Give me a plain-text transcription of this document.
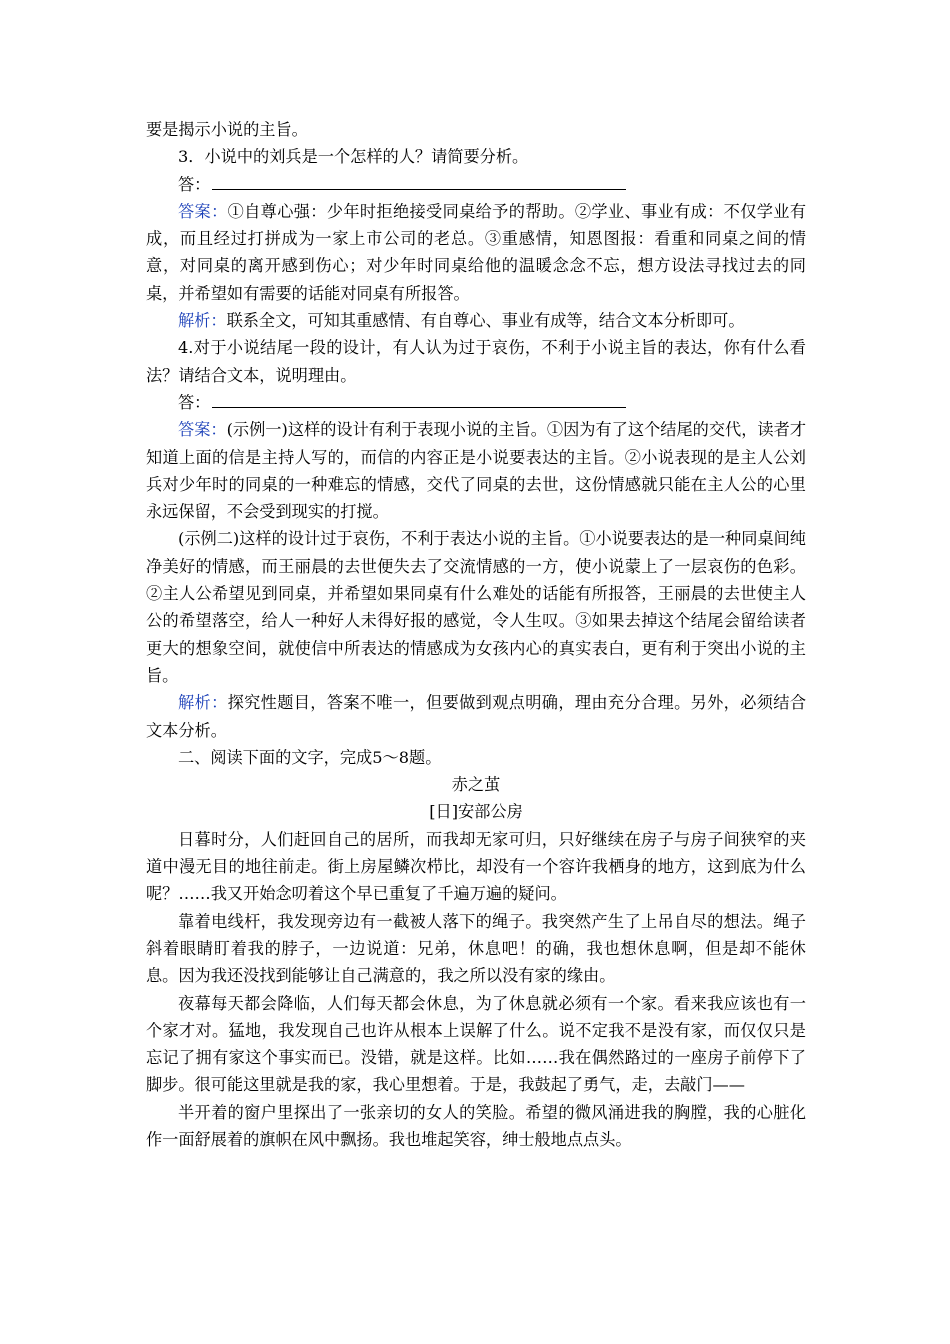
要是揭示小说的主旨。

3．小说中的刘兵是一个怎样的人？请简要分析。

答：

答案：①自尊心强：少年时拒绝接受同桌给予的帮助。②学业、事业有成：不仅学业有成，而且经过打拼成为一家上市公司的老总。③重感情，知恩图报：看重和同桌之间的情意，对同桌的离开感到伤心；对少年时同桌给他的温暖念念不忘，想方设法寻找过去的同桌，并希望如有需要的话能对同桌有所报答。

解析：联系全文，可知其重感情、有自尊心、事业有成等，结合文本分析即可。

4.对于小说结尾一段的设计，有人认为过于哀伤，不利于小说主旨的表达，你有什么看法？请结合文本，说明理由。

答：

答案：(示例一)这样的设计有利于表现小说的主旨。①因为有了这个结尾的交代，读者才知道上面的信是主持人写的，而信的内容正是小说要表达的主旨。②小说表现的是主人公刘兵对少年时的同桌的一种难忘的情感，交代了同桌的去世，这份情感就只能在主人公的心里永远保留，不会受到现实的打搅。

(示例二)这样的设计过于哀伤，不利于表达小说的主旨。①小说要表达的是一种同桌间纯净美好的情感，而王丽晨的去世便失去了交流情感的一方，使小说蒙上了一层哀伤的色彩。②主人公希望见到同桌，并希望如果同桌有什么难处的话能有所报答，王丽晨的去世使主人公的希望落空，给人一种好人未得好报的感觉，令人生叹。③如果去掉这个结尾会留给读者更大的想象空间，就使信中所表达的情感成为女孩内心的真实表白，更有利于突出小说的主旨。

解析：探究性题目，答案不唯一，但要做到观点明确，理由充分合理。另外，必须结合文本分析。

二、阅读下面的文字，完成5～8题。

赤之茧

[日]安部公房

日暮时分，人们赶回自己的居所，而我却无家可归，只好继续在房子与房子间狭窄的夹道中漫无目的地往前走。街上房屋鳞次栉比，却没有一个容许我栖身的地方，这到底为什么呢？……我又开始念叨着这个早已重复了千遍万遍的疑问。

靠着电线杆，我发现旁边有一截被人落下的绳子。我突然产生了上吊自尽的想法。绳子斜着眼睛盯着我的脖子，一边说道：兄弟，休息吧！的确，我也想休息啊，但是却不能休息。因为我还没找到能够让自己满意的，我之所以没有家的缘由。

夜幕每天都会降临，人们每天都会休息，为了休息就必须有一个家。看来我应该也有一个家才对。猛地，我发现自己也许从根本上误解了什么。说不定我不是没有家，而仅仅只是忘记了拥有家这个事实而已。没错，就是这样。比如……我在偶然路过的一座房子前停下了脚步。很可能这里就是我的家，我心里想着。于是，我鼓起了勇气，走，去敲门——

半开着的窗户里探出了一张亲切的女人的笑脸。希望的微风涌进我的胸膛，我的心脏化作一面舒展着的旗帜在风中飘扬。我也堆起笑容，绅士般地点点头。
